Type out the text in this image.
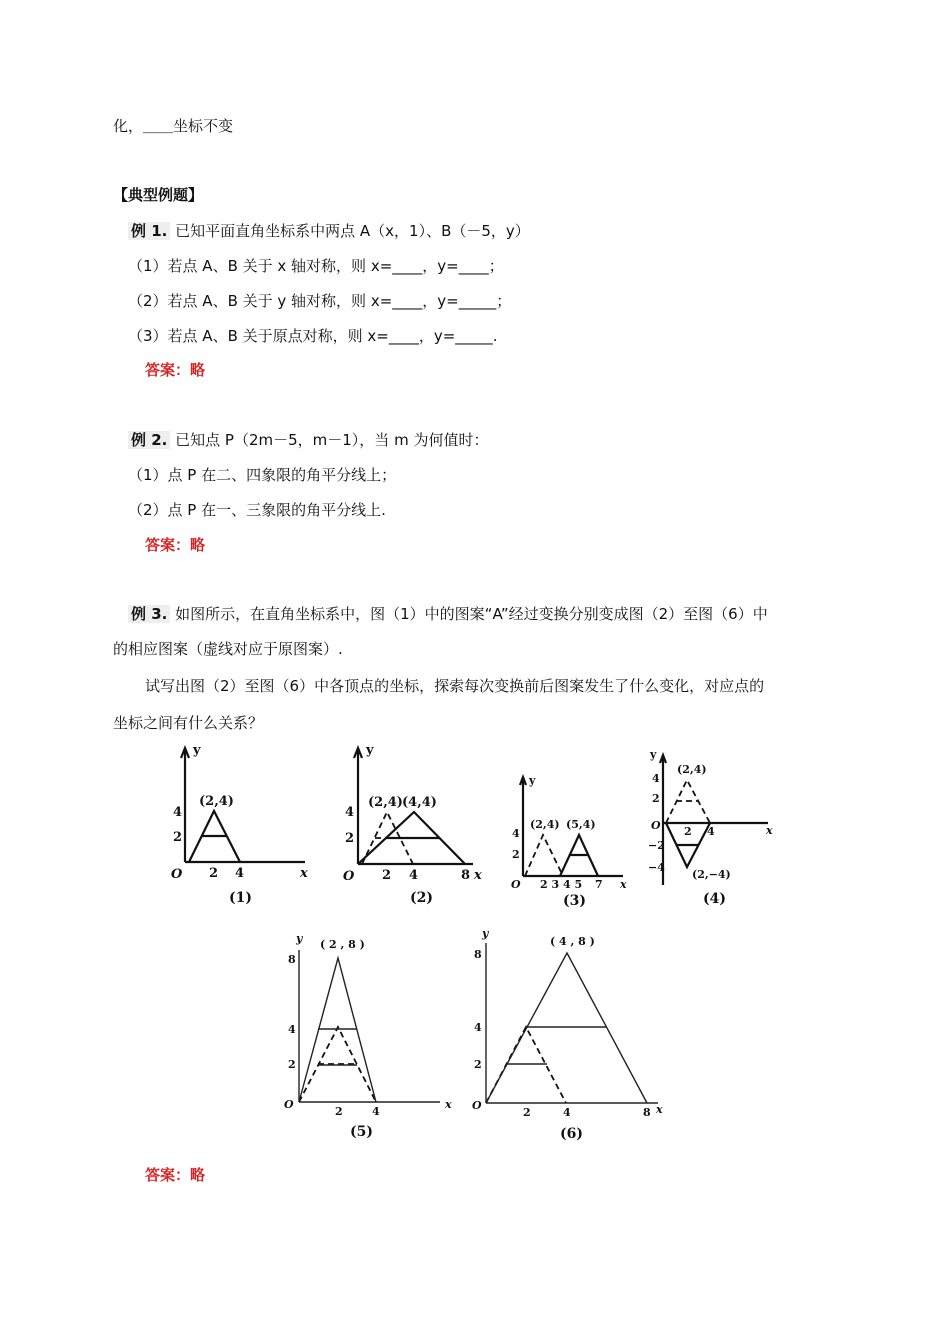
化，＿＿坐标不变
【典型例题】
例 1. 已知平面直角坐标系中两点 A（x，1）、B（－5，y）
（1）若点 A、B 关于 x 轴对称，则 x=____，y=____；
（2）若点 A、B 关于 y 轴对称，则 x=____，y=_____；
（3）若点 A、B 关于原点对称，则 x=____，y=_____.
答案：略
例 2. 已知点 P（2m－5，m－1），当 m 为何值时：
（1）点 P 在二、四象限的角平分线上；
（2）点 P 在一、三象限的角平分线上.
答案：略
例 3. 如图所示，在直角坐标系中，图（1）中的图案“A”经过变换分别变成图（2）至图（6）中
的相应图案（虚线对应于原图案）.
试写出图（2）至图（6）中各顶点的坐标，探索每次变换前后图案发生了什么变化，对应点的
坐标之间有什么关系？
y
x
O
(2,4)
4
2
2 4
(1)
y
x
O
(2,4) (4,4)
4
2
2 4	8
(2)
y
x
O
(2,4) (5,4)
4
2
2 3 4 5 7
(3)
y
x
O
(2,4)
(2,−4)
4
2
−2
−4
2 4
(4)
y
x
O
( 2 , 8 )
8
4
2
2	4
(5)
y
x
O
( 4 , 8 )
8
4
2
2	4	8
(6)
答案：略
